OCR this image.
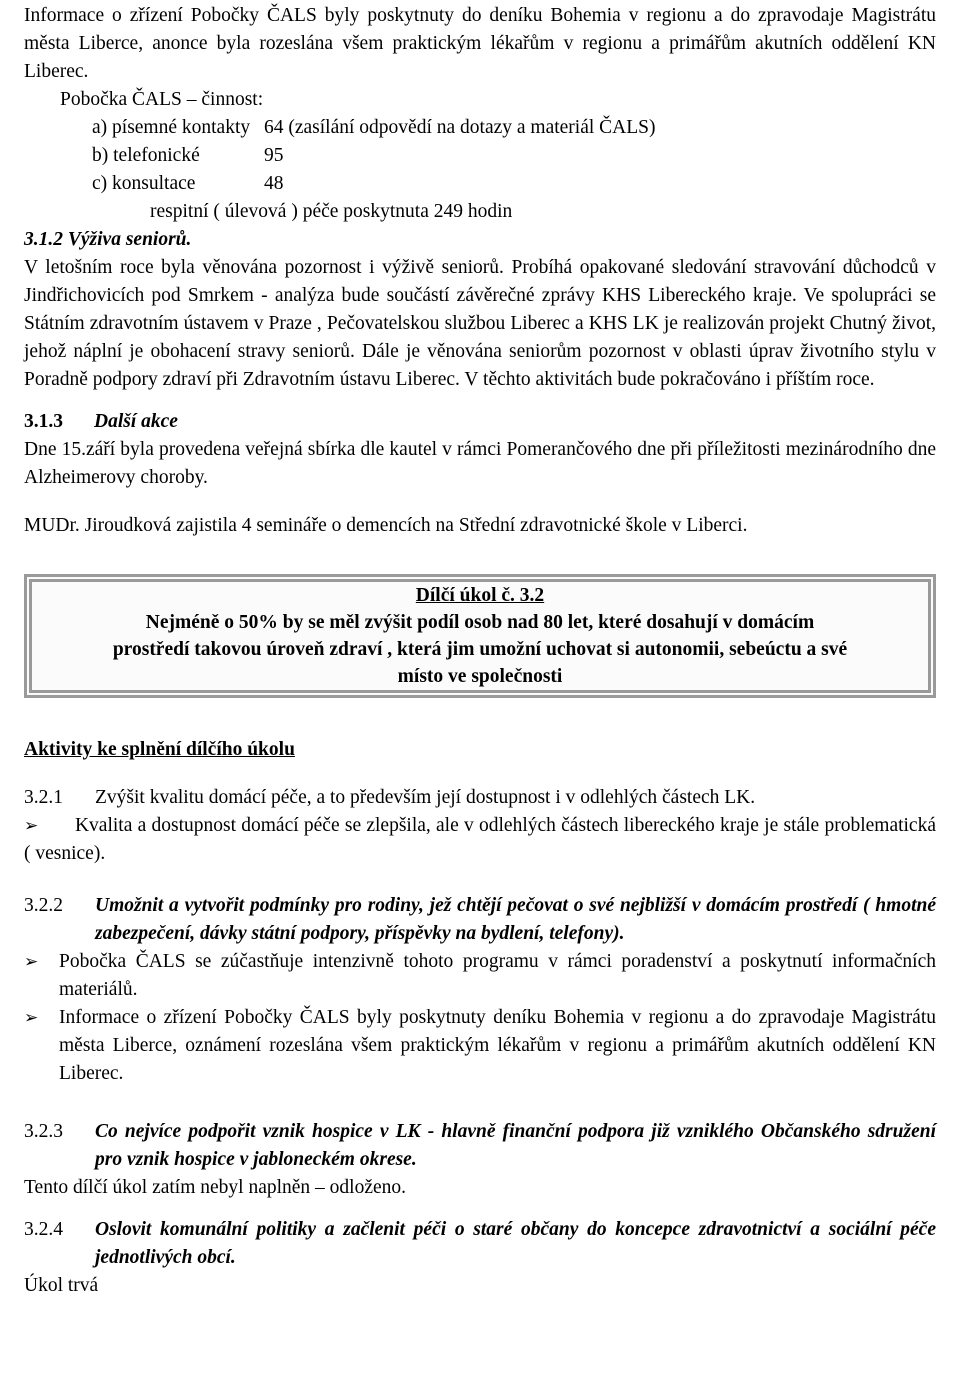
Informace o zřízení Pobočky ČALS byly poskytnuty do deníku Bohemia v regionu a do zpravodaje Magistrátu města Liberce, anonce byla rozeslána všem praktickým lékařům v regionu a primářům akutních oddělení KN Liberec.

Pobočka ČALS – činnost:
a) písemné kontakty 64 (zasílání odpovědí na dotazy a materiál ČALS)
b) telefonické	95
c) konsultace	48
respitní ( úlevová ) péče poskytnuta 249 hodin

3.1.2 Výživa seniorů.

V letošním roce byla věnována pozornost i výživě seniorů. Probíhá opakované sledování stravování důchodců v Jindřichovicích pod Smrkem - analýza bude součástí závěrečné zprávy KHS Libereckého kraje. Ve spolupráci se Státním zdravotním ústavem v Praze , Pečovatelskou službou Liberec a KHS LK je realizován projekt Chutný život, jehož náplní je obohacení stravy seniorů. Dále je věnována seniorům pozornost v oblasti úprav životního stylu v Poradně podpory zdraví při Zdravotním ústavu Liberec. V těchto aktivitách bude pokračováno i příštím roce.

3.1.3 Další akce

Dne 15.září byla provedena veřejná sbírka dle kautel v rámci Pomerančového dne při příležitosti mezinárodního dne Alzheimerovy choroby.

MUDr. Jiroudková zajistila 4 semináře o demencích na Střední zdravotnické škole v Liberci.

Dílčí úkol č. 3.2
Nejméně o 50% by se měl zvýšit podíl osob nad 80 let, které dosahují v domácím
prostředí takovou úroveň zdraví , která jim umožní uchovat si autonomii, sebeúctu a své
místo ve společnosti

Aktivity ke splnění dílčího úkolu

3.2.1	Zvýšit kvalitu domácí péče, a to především její dostupnost i v odlehlých částech LK.

➢ Kvalita a dostupnost domácí péče se zlepšila, ale v odlehlých částech libereckého kraje je stále problematická ( vesnice).

3.2.2	Umožnit a vytvořit podmínky pro rodiny, jež chtějí pečovat o své nejbližší v domácím prostředí ( hmotné zabezpečení, dávky státní podpory, příspěvky na bydlení, telefony).
➢	Pobočka ČALS se zúčastňuje intenzivně tohoto programu v rámci poradenství a poskytnutí informačních materiálů.
➢	Informace o zřízení Pobočky ČALS byly poskytnuty deníku Bohemia v regionu a do zpravodaje Magistrátu města Liberce, oznámení rozeslána všem praktickým lékařům v regionu a primářům akutních oddělení KN Liberec.
3.2.3	Co nejvíce podpořit vznik hospice v LK - hlavně finanční podpora již vzniklého Občanského sdružení pro vznik hospice v jabloneckém okrese.

Tento dílčí úkol zatím nebyl naplněn – odloženo.

3.2.4	Oslovit komunální politiky a začlenit péči o staré občany do koncepce zdravotnictví a sociální péče jednotlivých obcí.

Úkol trvá
